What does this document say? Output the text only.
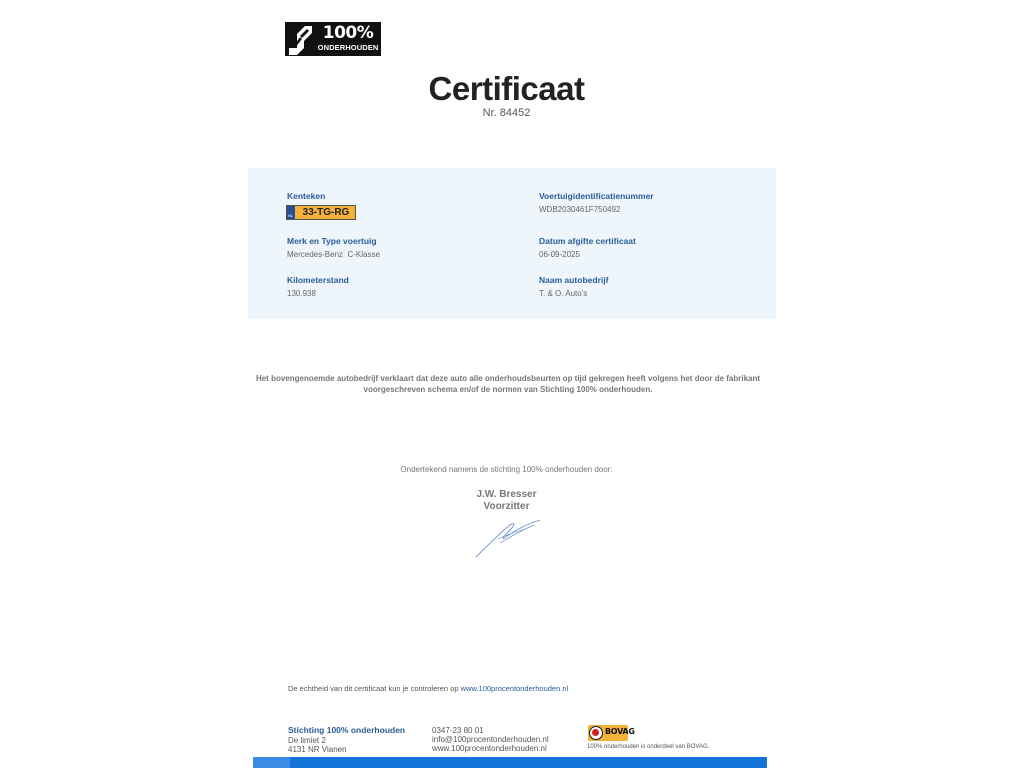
100%
ONDERHOUDEN
Certificaat
Nr. 84452
Kenteken
NL 33-TG-RG
Voertuigidentificatienummer
WDB2030461F750492
Merk en Type voertuig
Mercedes-Benz  C-Klasse
Datum afgifte certificaat
06-09-2025
Kilometerstand
130.938
Naam autobedrijf
T. & O. Auto's
Het bovengenoemde autobedrijf verklaart dat deze auto alle onderhoudsbeurten op tijd gekregen heeft volgens het door de fabrikant
voorgeschreven schema en/of de normen van Stichting 100% onderhouden.
Ondertekend namens de stichting 100% onderhouden door:
J.W. Bresser
Voorzitter
De echtheid van dit certificaat kun je controleren op www.100procentonderhouden.nl
Stichting 100% onderhouden
De limiet 2
4131 NR Vianen
0347-23 80 01
info@100procentonderhouden.nl
www.100procentonderhouden.nl
BOVAG
100% onderhouden is onderdeel van BOVAG.
